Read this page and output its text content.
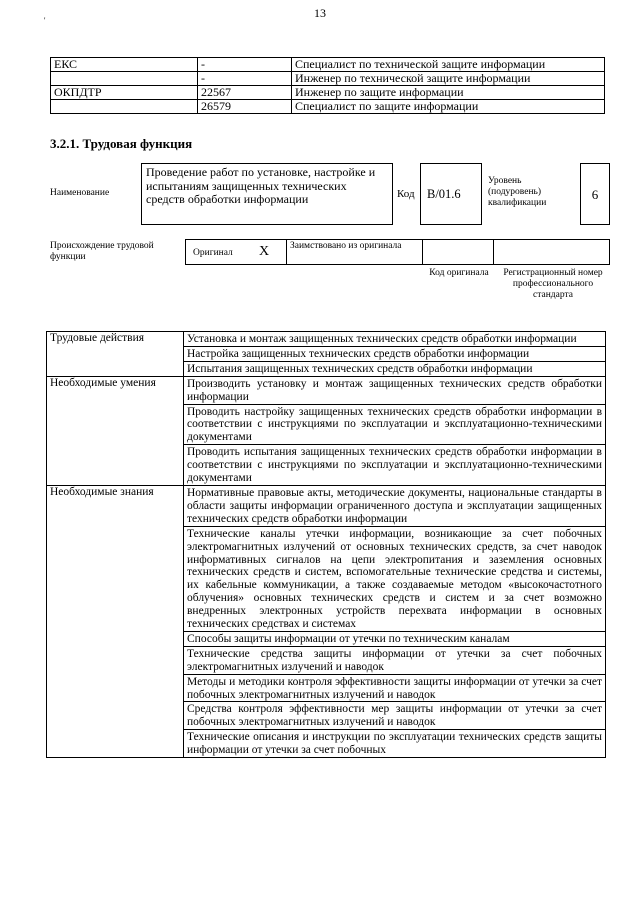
'
13
ЕКС	-	Специалист по технической защите информации
	-	Инженер по технической защите информации
ОКПДТР	22567	Инженер по защите информации
	26579	Специалист по защите информации
3.2.1. Трудовая функция
Наименование
Проведение работ по установке, настройке и испытаниям защищенных технических средств обработки информации	Код B/01.6
Уровень (подуровень) квалификации
6
Происхождение трудовой функции	Оригинал X Заимствовано из оригинала
Код оригинала	Регистрационный номер профессионального стандарта
Трудовые действия	Установка и монтаж защищенных технических средств обработки информации
	Настройка защищенных технических средств обработки информации
	Испытания защищенных технических средств обработки информации
Необходимые умения	Производить установку и монтаж защищенных технических средств обработки информации
	Проводить настройку защищенных технических средств обработки информации в соответствии с инструкциями по эксплуатации и эксплуатационно-техническими документами
	Проводить испытания защищенных технических средств обработки информации в соответствии с инструкциями по эксплуатации и эксплуатационно-техническими документами
Необходимые знания	Нормативные правовые акты, методические документы, национальные стандарты в области защиты информации ограниченного доступа и эксплуатации защищенных технических средств обработки информации
	Технические каналы утечки информации, возникающие за счет побочных электромагнитных излучений от основных технических средств, за счет наводок информативных сигналов на цепи электропитания и заземления основных технических средств и систем, вспомогательные технические средства и системы, их кабельные коммуникации, а также создаваемые методом «высокочастотного облучения» основных технических средств и систем и за счет возможно внедренных электронных устройств перехвата информации в основных технических средствах и системах
	Способы защиты информации от утечки по техническим каналам
	Технические средства защиты информации от утечки за счет побочных электромагнитных излучений и наводок
	Методы и методики контроля эффективности защиты информации от утечки за счет побочных электромагнитных излучений и наводок
	Средства контроля эффективности мер защиты информации от утечки за счет побочных электромагнитных излучений и наводок
	Технические описания и инструкции по эксплуатации технических средств защиты информации от утечки за счет побочных
